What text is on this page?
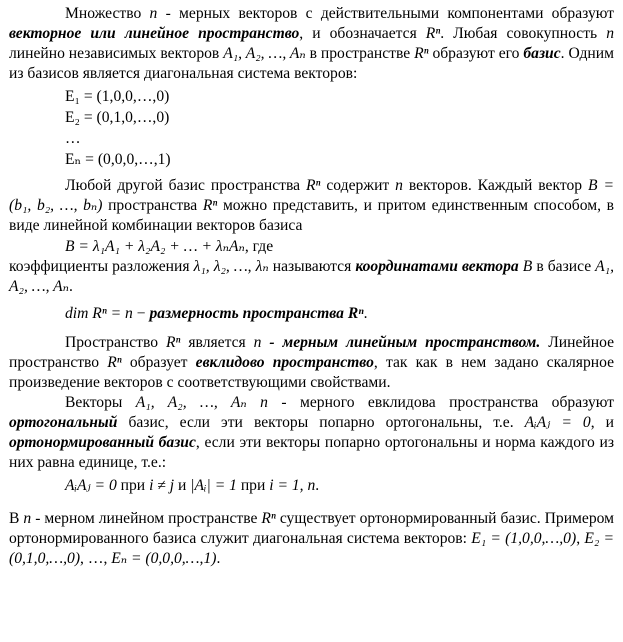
Множество n - мерных векторов с действительными компонентами образуют векторное или линейное пространство, и обозначается Rⁿ. Любая совокупность n линейно независимых векторов A₁, A₂, …, Aₙ в пространстве Rⁿ образуют его базис. Одним из базисов является диагональная система векторов:

E₁ = (1,0,0,…,0)
E₂ = (0,1,0,…,0)
…
Eₙ = (0,0,0,…,1)

Любой другой базис пространства Rⁿ содержит n векторов. Каждый вектор B = (b₁, b₂, …, bₙ) пространства Rⁿ можно представить, и притом единственным способом, в виде линейной комбинации векторов базиса

B = λ₁A₁ + λ₂A₂ + … + λₙAₙ, где

коэффициенты разложения λ₁, λ₂, …, λₙ называются координатами вектора B в базисе A₁, A₂, …, Aₙ.

dim Rⁿ = n − размерность пространства Rⁿ.

Пространство Rⁿ является n - мерным линейным пространством. Линейное пространство Rⁿ образует евклидово пространство, так как в нем задано скалярное произведение векторов с соответствующими свойствами.

Векторы A₁, A₂, …, Aₙ n - мерного евклидова пространства образуют ортогональный базис, если эти векторы попарно ортогональны, т.е. AᵢAⱼ = 0, и ортонормированный базис, если эти векторы попарно ортогональны и норма каждого из них равна единице, т.е.:

AᵢAⱼ = 0 при i ≠ j и |Aᵢ| = 1 при i = 1, n.

В n - мерном линейном пространстве Rⁿ существует ортонормированный базис. Примером ортонормированного базиса служит диагональная система векторов: E₁ = (1,0,0,…,0), E₂ = (0,1,0,…,0), …, Eₙ = (0,0,0,…,1).
